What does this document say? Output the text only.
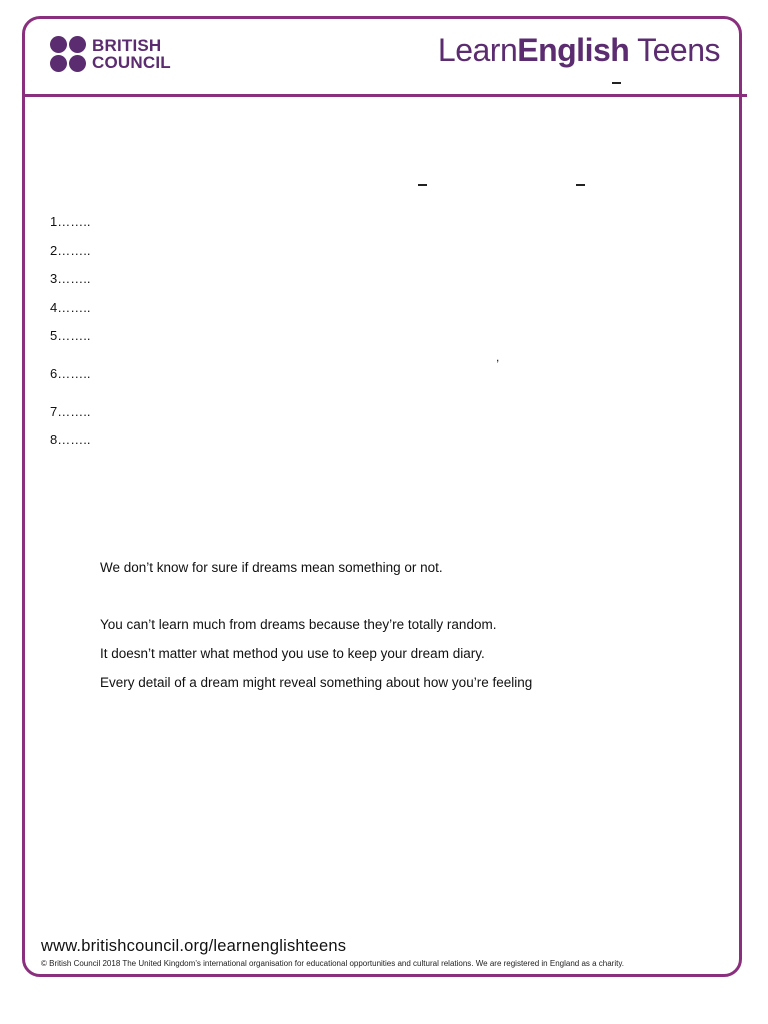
BRITISH
COUNCIL	LearnEnglish Teens
1……..
2……..
3……..
4……..
5……..
6……..
7……..
8……..
,
We don’t know for sure if dreams mean something or not.
You can’t learn much from dreams because they’re totally random.
It doesn’t matter what method you use to keep your dream diary.
Every detail of a dream might reveal something about how you’re feeling
www.britishcouncil.org/learnenglishteens
© British Council 2018 The United Kingdom’s international organisation for educational opportunities and cultural relations. We are registered in England as a charity.
